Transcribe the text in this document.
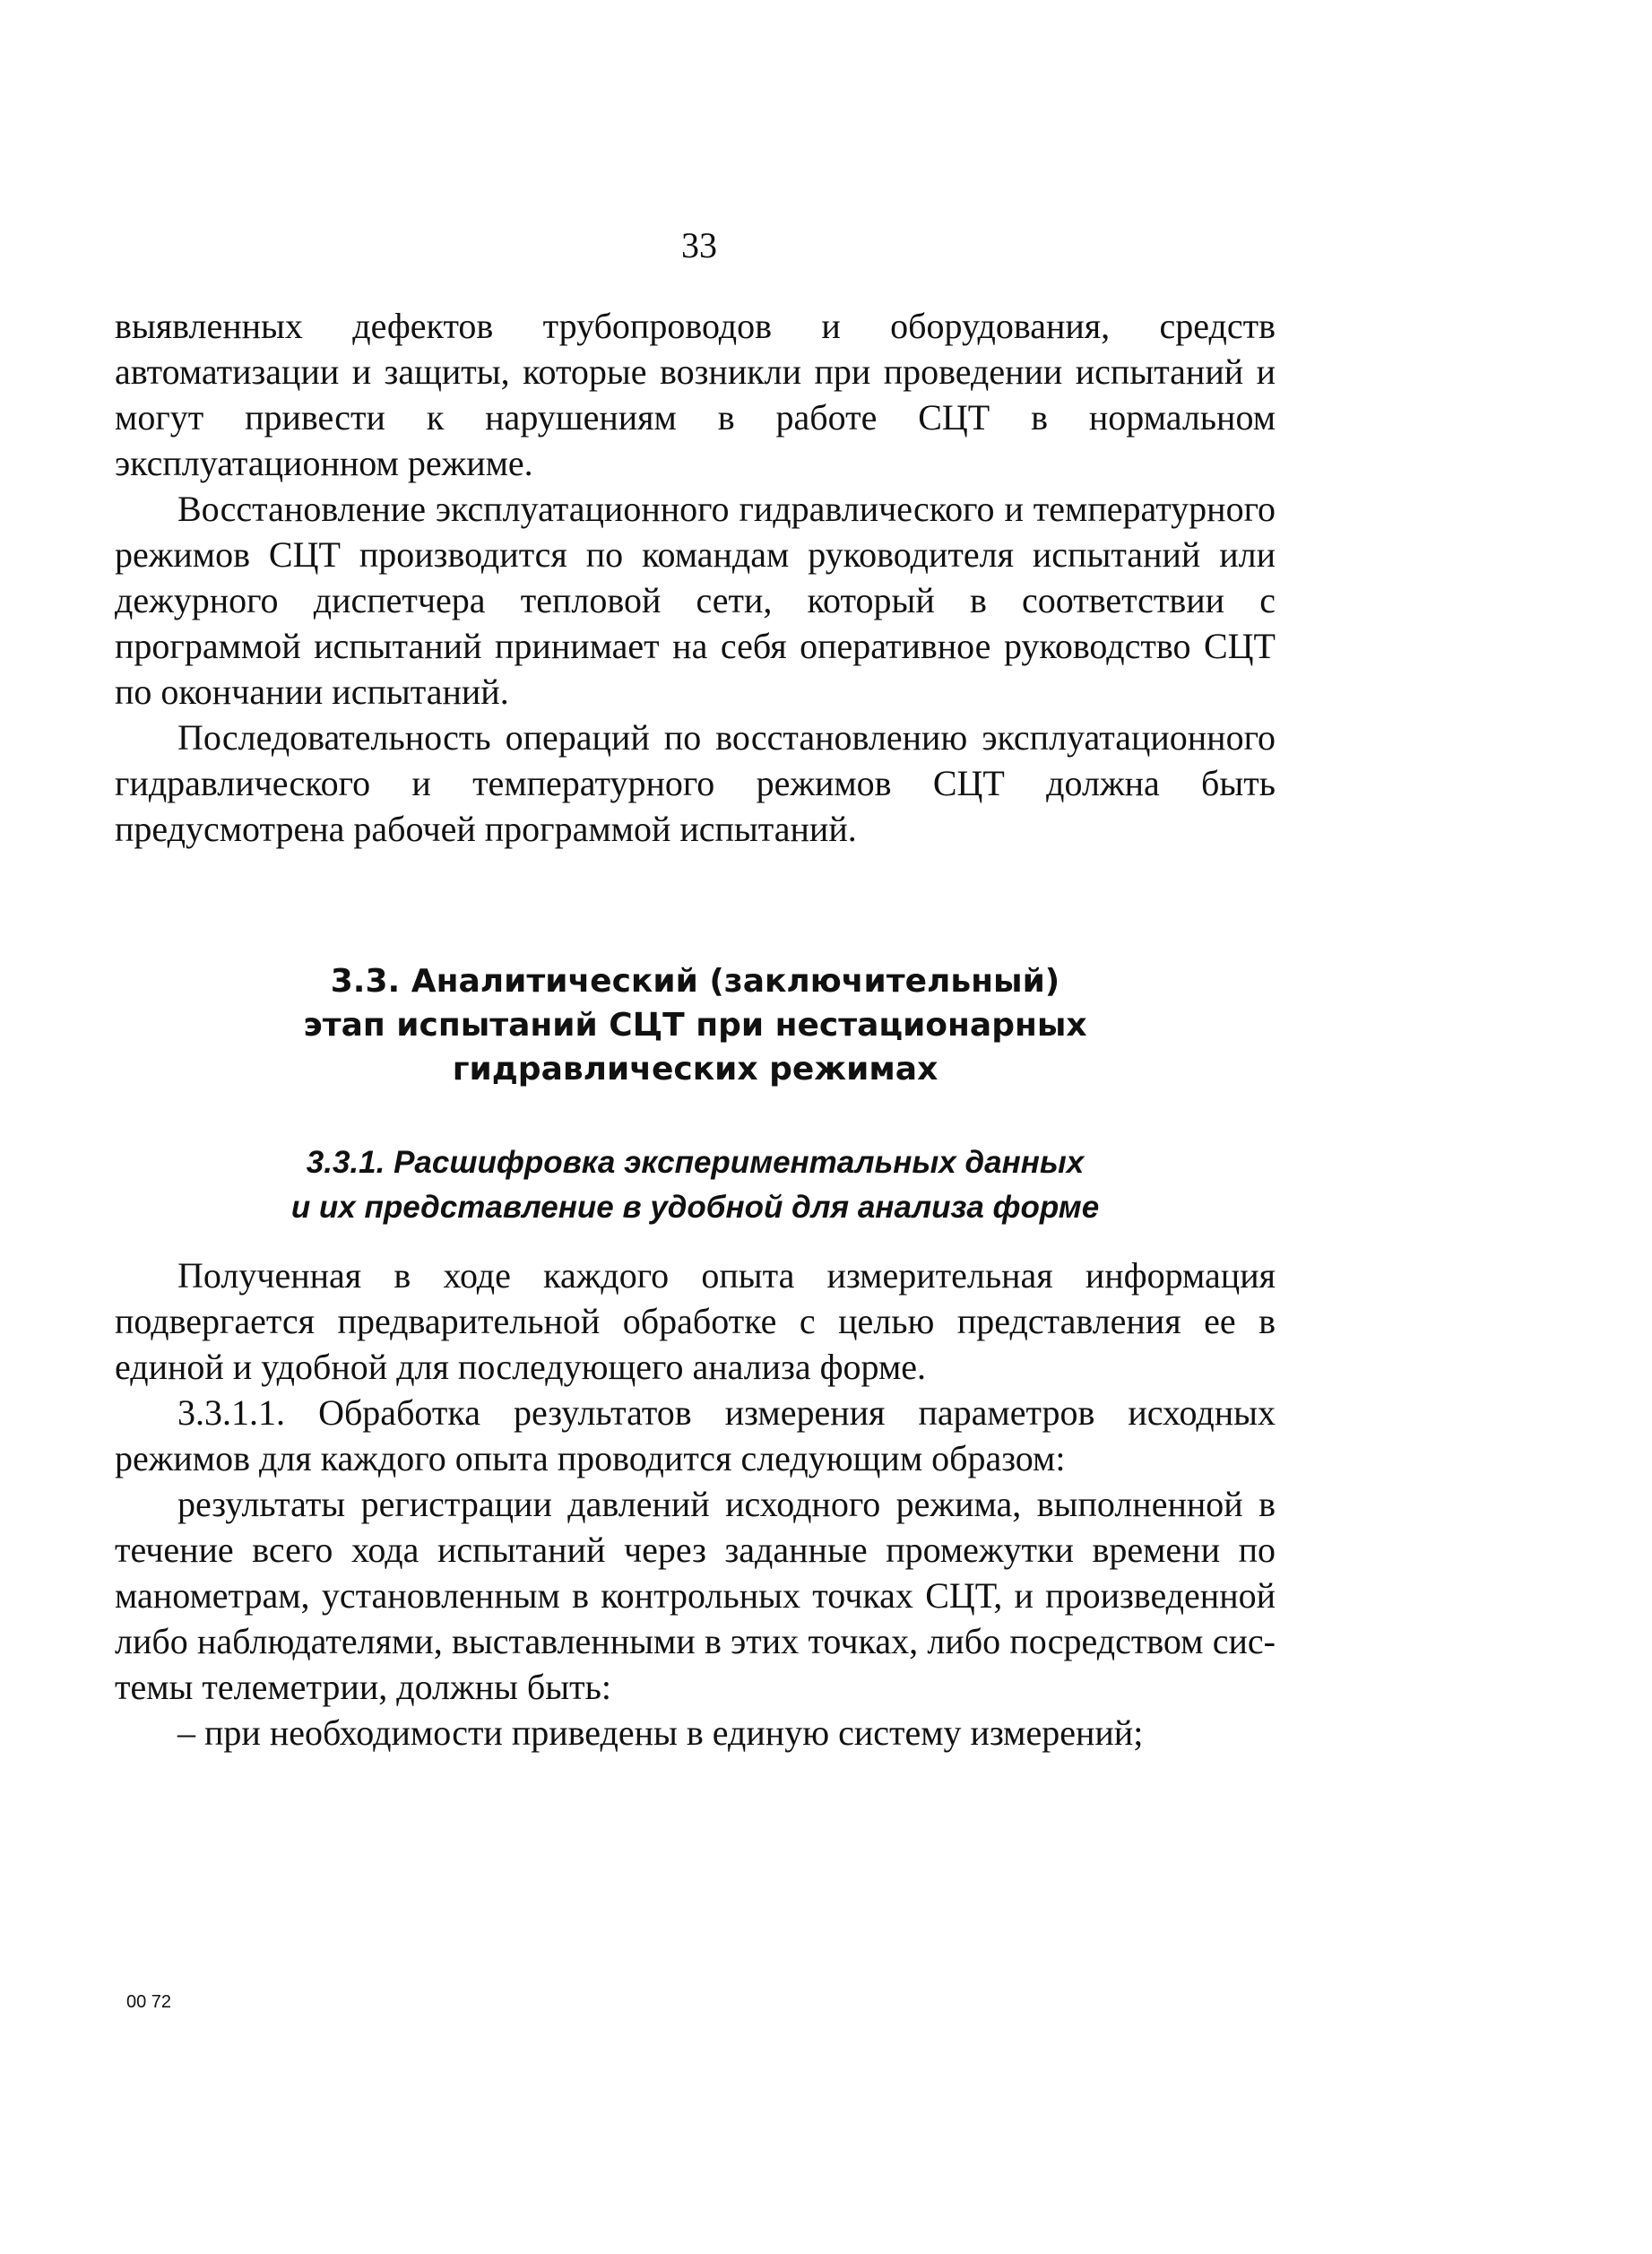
33

выявленных дефектов трубопроводов и оборудования, средств автоматизации и защиты, которые возникли при проведении испытаний и могут привести к нарушениям в работе СЦТ в нормальном эксплуатационном режиме.

Восстановление эксплуатационного гидравлического и температурного режимов СЦТ производится по командам руководителя испытаний или дежурного диспетчера тепловой сети, который в соответствии с программой испытаний принимает на себя оперативное руководство СЦТ по окончании испытаний.

Последовательность операций по восстановлению эксплуатационного гидравлического и температурного режимов СЦТ должна быть предусмотрена рабочей программой испытаний.

3.3. Аналитический (заключительный)
этап испытаний СЦТ при нестационарных
гидравлических режимах
3.3.1. Расшифровка экспериментальных данных
и их представление в удобной для анализа форме

Полученная в ходе каждого опыта измерительная информация подвергается предварительной обработке с целью представления ее в единой и удобной для последующего анализа форме.

3.3.1.1. Обработка результатов измерения параметров исходных режимов для каждого опыта проводится следующим образом:

результаты регистрации давлений исходного режима, выполненной в течение всего хода испытаний через заданные промежутки времени по манометрам, установленным в контрольных точках СЦТ, и произведенной либо наблюдателями, выставленными в этих точках, либо посредством системы телеметрии, должны быть:

– при необходимости приведены в единую систему измерений;

00 72
